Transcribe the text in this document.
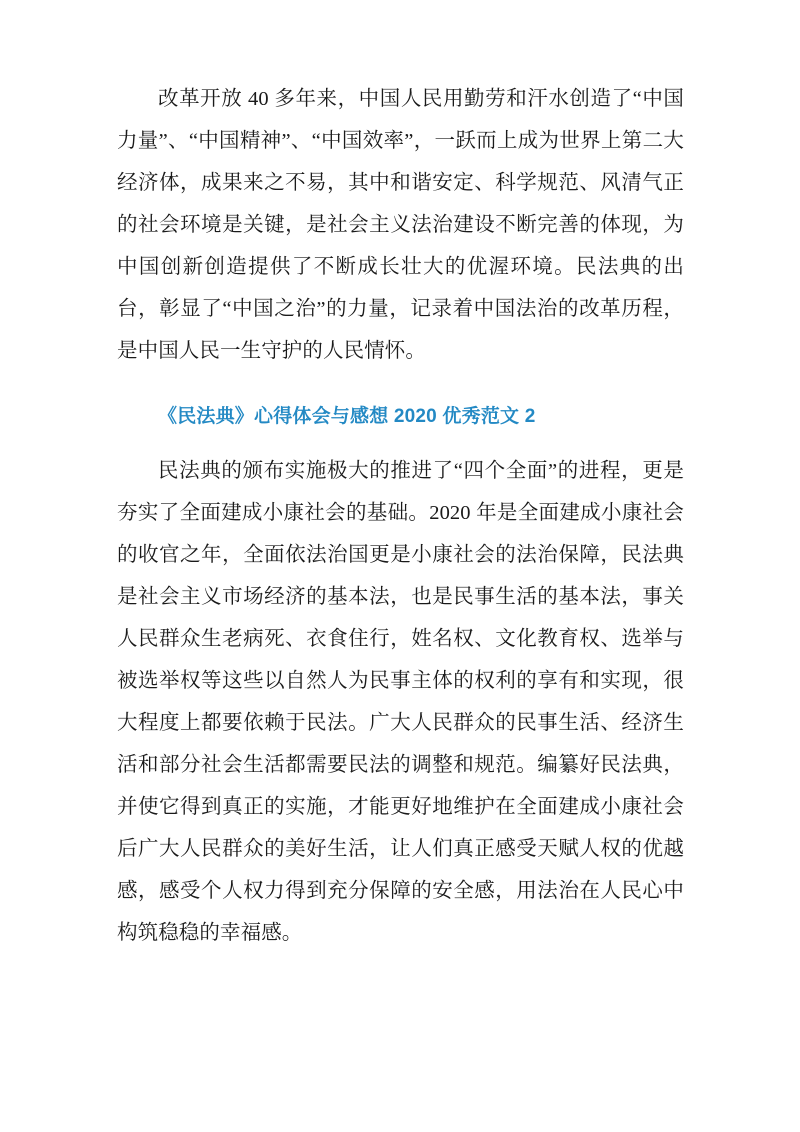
改革开放 40 多年来，中国人民用勤劳和汗水创造了“中国力量”、“中国精神”、“中国效率”，一跃而上成为世界上第二大经济体，成果来之不易，其中和谐安定、科学规范、风清气正的社会环境是关键，是社会主义法治建设不断完善的体现，为中国创新创造提供了不断成长壮大的优渥环境。民法典的出台，彰显了“中国之治”的力量，记录着中国法治的改革历程，是中国人民一生守护的人民情怀。

《民法典》心得体会与感想 2020 优秀范文 2

民法典的颁布实施极大的推进了“四个全面”的进程，更是夯实了全面建成小康社会的基础。2020 年是全面建成小康社会的收官之年，全面依法治国更是小康社会的法治保障，民法典是社会主义市场经济的基本法，也是民事生活的基本法，事关人民群众生老病死、衣食住行，姓名权、文化教育权、选举与被选举权等这些以自然人为民事主体的权利的享有和实现，很大程度上都要依赖于民法。广大人民群众的民事生活、经济生活和部分社会生活都需要民法的调整和规范。编纂好民法典，并使它得到真正的实施，才能更好地维护在全面建成小康社会后广大人民群众的美好生活，让人们真正感受天赋人权的优越感，感受个人权力得到充分保障的安全感，用法治在人民心中构筑稳稳的幸福感。
